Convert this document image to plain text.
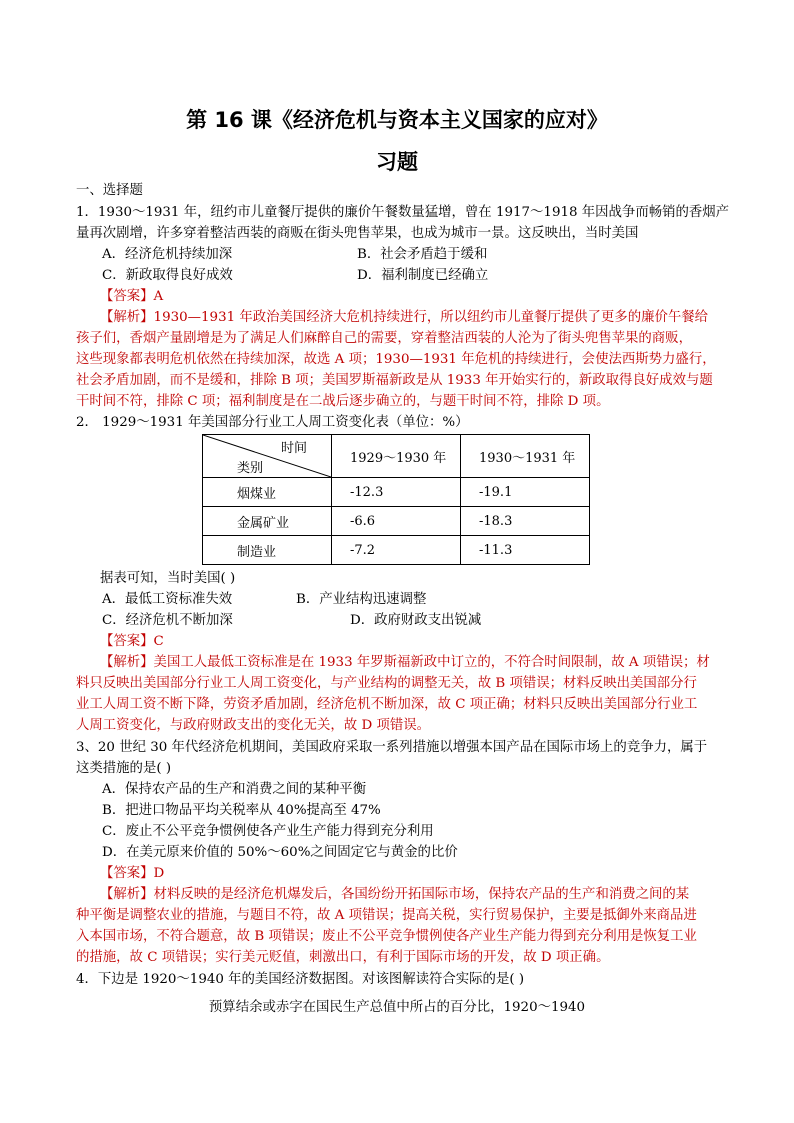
第 16 课《经济危机与资本主义国家的应对》
习题
一、选择题
1．1930～1931 年，纽约市儿童餐厅提供的廉价午餐数量猛增，曾在 1917～1918 年因战争而畅销的香烟产
量再次剧增，许多穿着整洁西装的商贩在街头兜售苹果，也成为城市一景。这反映出，当时美国
A．经济危机持续加深	B．社会矛盾趋于缓和
C．新政取得良好成效	D．福利制度已经确立
【答案】A
【解析】1930—1931 年政治美国经济大危机持续进行，所以纽约市儿童餐厅提供了更多的廉价午餐给
孩子们，香烟产量剧增是为了满足人们麻醉自己的需要，穿着整洁西装的人沦为了街头兜售苹果的商贩，
这些现象都表明危机依然在持续加深，故选 A 项；1930—1931 年危机的持续进行，会使法西斯势力盛行，
社会矛盾加剧，而不是缓和，排除 B 项；美国罗斯福新政是从 1933 年开始实行的，新政取得良好成效与题
干时间不符，排除 C 项；福利制度是在二战后逐步确立的，与题干时间不符，排除 D 项。
2． 1929～1931 年美国部分行业工人周工资变化表（单位：%）
时间
类别	1929～1930 年	1930～1931 年
烟煤业	-12.3	-19.1
金属矿业	-6.6	-18.3
制造业	-7.2	-11.3
据表可知，当时美国( )
A．最低工资标准失效	B．产业结构迅速调整
C．经济危机不断加深	D．政府财政支出锐减
【答案】C
【解析】美国工人最低工资标准是在 1933 年罗斯福新政中订立的，不符合时间限制，故 A 项错误；材
料只反映出美国部分行业工人周工资变化，与产业结构的调整无关，故 B 项错误；材料反映出美国部分行
业工人周工资不断下降，劳资矛盾加剧，经济危机不断加深，故 C 项正确；材料只反映出美国部分行业工
人周工资变化，与政府财政支出的变化无关，故 D 项错误。
3、20 世纪 30 年代经济危机期间，美国政府采取一系列措施以增强本国产品在国际市场上的竞争力，属于
这类措施的是( )
A．保持农产品的生产和消费之间的某种平衡
B．把进口物品平均关税率从 40%提高至 47%
C．废止不公平竞争惯例使各产业生产能力得到充分利用
D．在美元原来价值的 50%～60%之间固定它与黄金的比价
【答案】D
【解析】材料反映的是经济危机爆发后，各国纷纷开拓国际市场，保持农产品的生产和消费之间的某
种平衡是调整农业的措施，与题目不符，故 A 项错误；提高关税，实行贸易保护，主要是抵御外来商品进
入本国市场，不符合题意，故 B 项错误；废止不公平竞争惯例使各产业生产能力得到充分利用是恢复工业
的措施，故 C 项错误；实行美元贬值，刺激出口，有利于国际市场的开发，故 D 项正确。
4．下边是 1920～1940 年的美国经济数据图。对该图解读符合实际的是( )
预算结余或赤字在国民生产总值中所占的百分比，1920～1940
